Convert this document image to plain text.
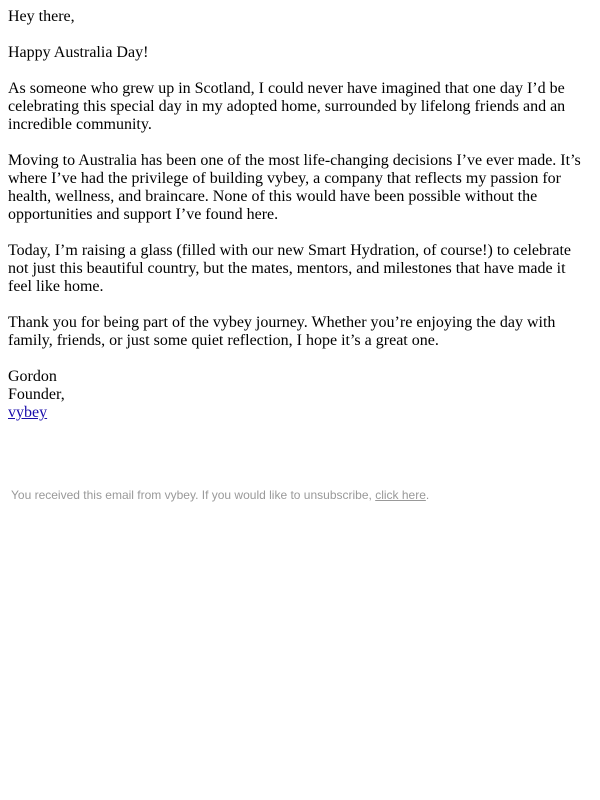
Hey there,

Happy Australia Day!

As someone who grew up in Scotland, I could never have imagined that one day I’d be celebrating this special day in my adopted home, surrounded by lifelong friends and an incredible community.

Moving to Australia has been one of the most life-changing decisions I’ve ever made. It’s where I’ve had the privilege of building vybey, a company that reflects my passion for health, wellness, and braincare. None of this would have been possible without the opportunities and support I’ve found here.

Today, I’m raising a glass (filled with our new Smart Hydration, of course!) to celebrate not just this beautiful country, but the mates, mentors, and milestones that have made it feel like home.

Thank you for being part of the vybey journey. Whether you’re enjoying the day with family, friends, or just some quiet reflection, I hope it’s a great one.

Gordon
Founder,
vybey
You received this email from vybey. If you would like to unsubscribe, click here.
